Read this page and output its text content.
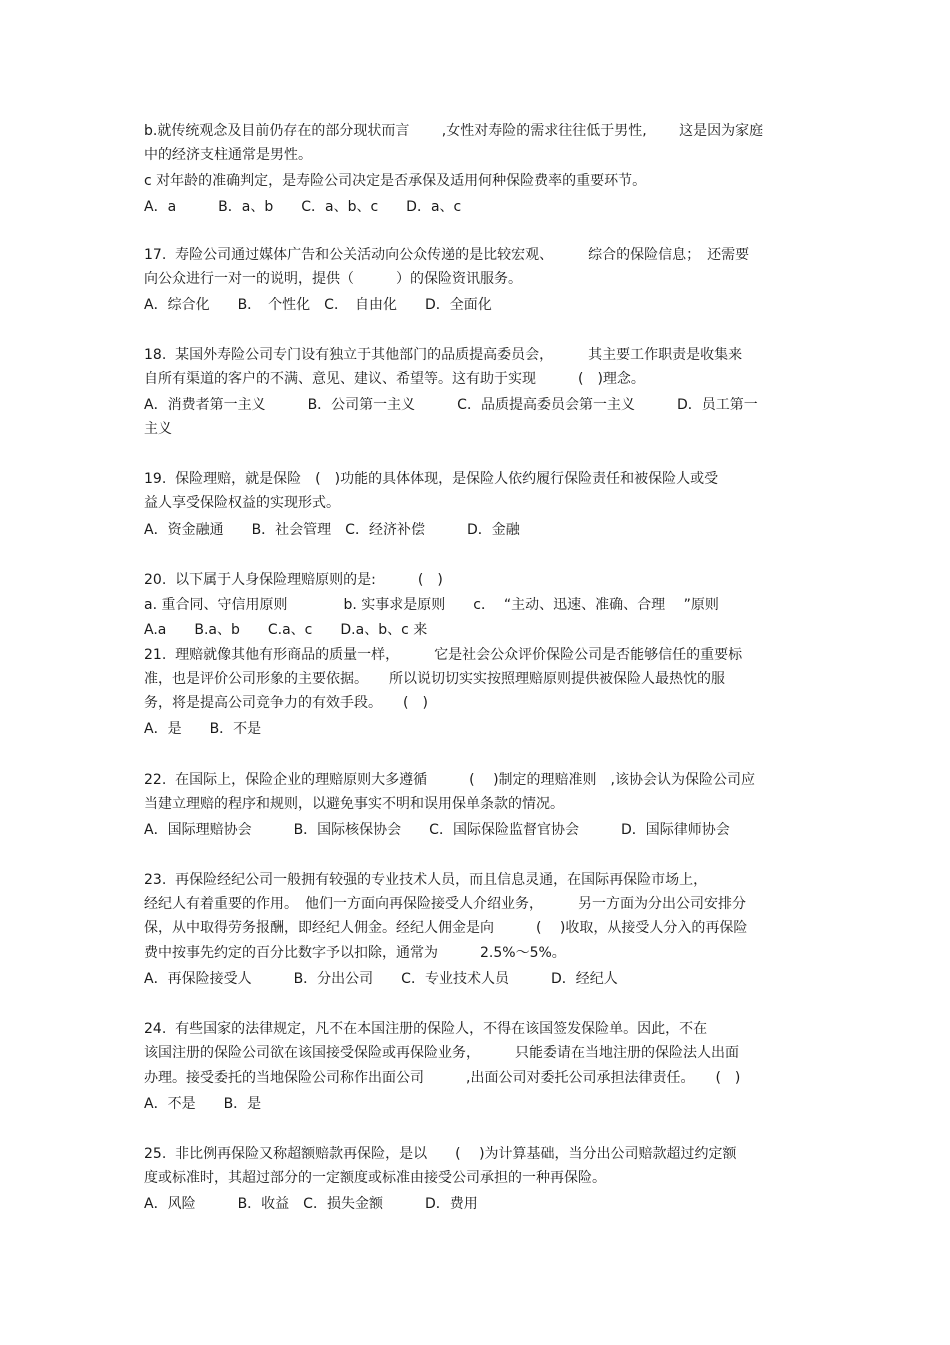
b.就传统观念及目前仍存在的部分现状而言　　 ,女性对寿险的需求往往低于男性,　　 这是因为家庭

中的经济支柱通常是男性。

c 对年龄的准确判定，是寿险公司决定是否承保及适用何种保险费率的重要环节。

A．a　　　B．a、b　　C．a、b、c　　D．a、c

17.  寿险公司通过媒体广告和公关活动向公众传递的是比较宏观、　　　综合的保险信息；　还需要

向公众进行一对一的说明，提供（　　　）的保险资讯服务。

A．综合化　　B．　个性化　C．　自由化　　D．全面化

18.  某国外寿险公司专门设有独立于其他部门的品质提高委员会，　　　其主要工作职责是收集来

自所有渠道的客户的不满、意见、建议、希望等。这有助于实现　　　(　)理念。

A．消费者第一主义　　　B．公司第一主义　　　C．品质提高委员会第一主义　　　D．员工第一

主义

19.  保险理赔，就是保险　(　)功能的具体体现，是保险人依约履行保险责任和被保险人或受

益人享受保险权益的实现形式。

A．资金融通　　B．社会管理　C．经济补偿　　　D．金融

20.  以下属于人身保险理赔原则的是:　　　(　)

a. 重合同、守信用原则　　　　b. 实事求是原则　　c．  “主动、迅速、准确、合理　 ”原则

A.a　　B.a、b　　C.a、c　　D.a、b、c 来

21.  理赔就像其他有形商品的质量一样，　　　它是社会公众评价保险公司是否能够信任的重要标

准，也是评价公司形象的主要依据。　　所以说切切实实按照理赔原则提供被保险人最热忱的服

务，将是提高公司竞争力的有效手段。　　(　)

A．是　　B．不是

22.  在国际上，保险企业的理赔原则大多遵循　　　(　 )制定的理赔准则　,该协会认为保险公司应

当建立理赔的程序和规则，以避免事实不明和误用保单条款的情况。

A．国际理赔协会　　　B．国际核保协会　　C．国际保险监督官协会　　　D．国际律师协会

23.  再保险经纪公司一般拥有较强的专业技术人员，而且信息灵通，在国际再保险市场上，

经纪人有着重要的作用。　他们一方面向再保险接受人介绍业务，　　　另一方面为分出公司安排分

保，从中取得劳务报酬，即经纪人佣金。经纪人佣金是向　　　(　 )收取，从接受人分入的再保险

费中按事先约定的百分比数字予以扣除，通常为　　　2.5%～5%。

A．再保险接受人　　　B．分出公司　　C．专业技术人员　　　D．经纪人

24.  有些国家的法律规定，凡不在本国注册的保险人，不得在该国签发保险单。因此，不在

该国注册的保险公司欲在该国接受保险或再保险业务，　　　只能委请在当地注册的保险法人出面

办理。接受委托的当地保险公司称作出面公司　　　,出面公司对委托公司承担法律责任。　　(　)

A．不是　　B．是

25.  非比例再保险又称超额赔款再保险，是以　　(　 )为计算基础，当分出公司赔款超过约定额

度或标准时，其超过部分的一定额度或标准由接受公司承担的一种再保险。

A．风险　　　B．收益　C．损失金额　　　D．费用
